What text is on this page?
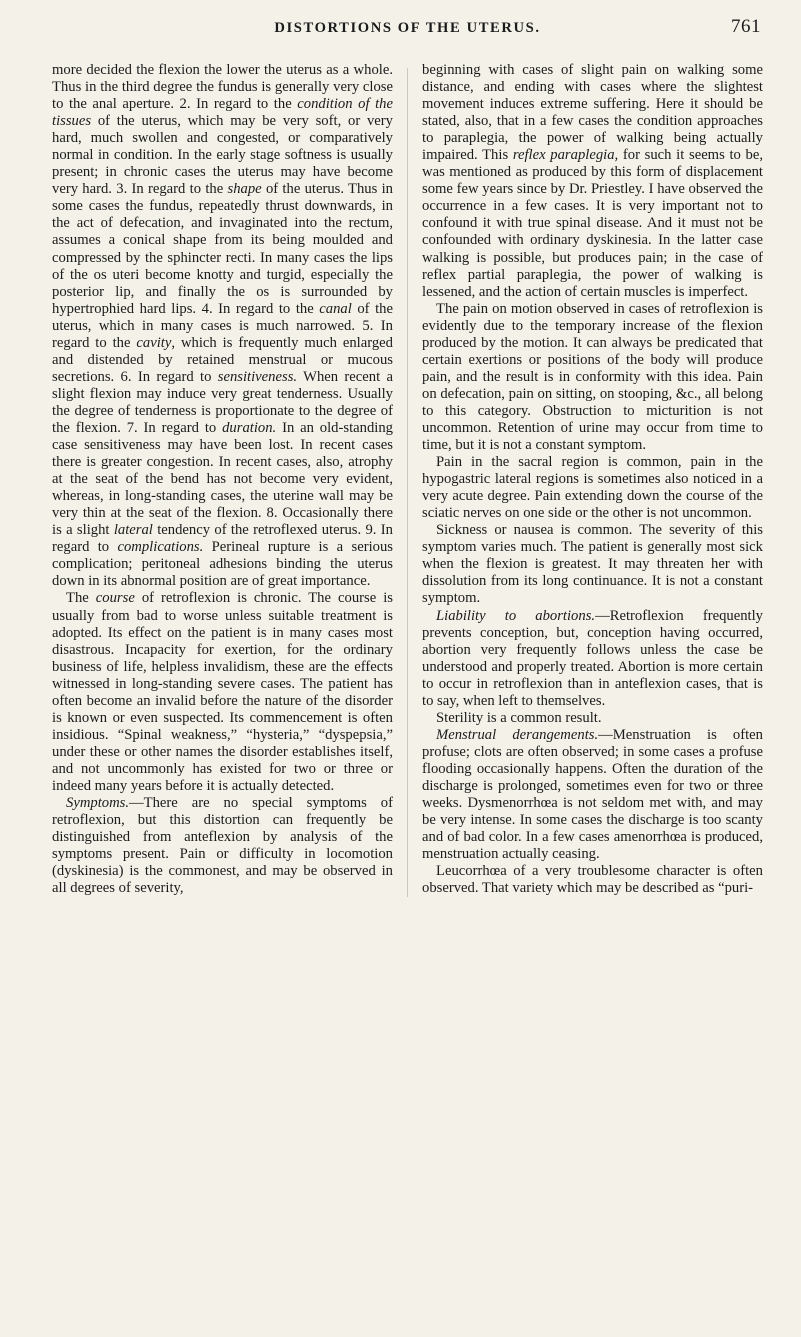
DISTORTIONS OF THE UTERUS.	761

more decided the flexion the lower the uterus as a whole. Thus in the third degree the fundus is generally very close to the anal aperture. 2. In regard to the condition of the tissues of the uterus, which may be very soft, or very hard, much swollen and congested, or comparatively normal in condition. In the early stage softness is usually present; in chronic cases the uterus may have become very hard. 3. In regard to the shape of the uterus. Thus in some cases the fundus, repeatedly thrust downwards, in the act of defecation, and invaginated into the rectum, assumes a conical shape from its being moulded and compressed by the sphincter recti. In many cases the lips of the os uteri become knotty and turgid, especially the posterior lip, and finally the os is surrounded by hypertrophied hard lips. 4. In regard to the canal of the uterus, which in many cases is much narrowed. 5. In regard to the cavity, which is frequently much enlarged and distended by retained menstrual or mucous secretions. 6. In regard to sensitiveness. When recent a slight flexion may induce very great tenderness. Usually the degree of tenderness is proportionate to the degree of the flexion. 7. In regard to duration. In an old-standing case sensitiveness may have been lost. In recent cases there is greater congestion. In recent cases, also, atrophy at the seat of the bend has not become very evident, whereas, in long-standing cases, the uterine wall may be very thin at the seat of the flexion. 8. Occasionally there is a slight lateral tendency of the retroflexed uterus. 9. In regard to complications. Perineal rupture is a serious complication; peritoneal adhesions binding the uterus down in its abnormal position are of great importance.

The course of retroflexion is chronic. The course is usually from bad to worse unless suitable treatment is adopted. Its effect on the patient is in many cases most disastrous. Incapacity for exertion, for the ordinary business of life, helpless invalidism, these are the effects witnessed in long-standing severe cases. The patient has often become an invalid before the nature of the disorder is known or even suspected. Its commencement is often insidious. “Spinal weakness,” “hysteria,” “dyspepsia,” under these or other names the disorder establishes itself, and not uncommonly has existed for two or three or indeed many years before it is actually detected.

Symptoms.—There are no special symptoms of retroflexion, but this distortion can frequently be distinguished from anteflexion by analysis of the symptoms present. Pain or difficulty in locomotion (dyskinesia) is the commonest, and may be observed in all degrees of severity,

beginning with cases of slight pain on walking some distance, and ending with cases where the slightest movement induces extreme suffering. Here it should be stated, also, that in a few cases the condition approaches to paraplegia, the power of walking being actually impaired. This reflex paraplegia, for such it seems to be, was mentioned as produced by this form of displacement some few years since by Dr. Priestley. I have observed the occurrence in a few cases. It is very important not to confound it with true spinal disease. And it must not be confounded with ordinary dyskinesia. In the latter case walking is possible, but produces pain; in the case of reflex partial paraplegia, the power of walking is lessened, and the action of certain muscles is imperfect.

The pain on motion observed in cases of retroflexion is evidently due to the temporary increase of the flexion produced by the motion. It can always be predicated that certain exertions or positions of the body will produce pain, and the result is in conformity with this idea. Pain on defecation, pain on sitting, on stooping, &c., all belong to this category. Obstruction to micturition is not uncommon. Retention of urine may occur from time to time, but it is not a constant symptom.

Pain in the sacral region is common, pain in the hypogastric lateral regions is sometimes also noticed in a very acute degree. Pain extending down the course of the sciatic nerves on one side or the other is not uncommon.

Sickness or nausea is common. The severity of this symptom varies much. The patient is generally most sick when the flexion is greatest. It may threaten her with dissolution from its long continuance. It is not a constant symptom.

Liability to abortions.—Retroflexion frequently prevents conception, but, conception having occurred, abortion very frequently follows unless the case be understood and properly treated. Abortion is more certain to occur in retroflexion than in anteflexion cases, that is to say, when left to themselves.

Sterility is a common result.

Menstrual derangements.—Menstruation is often profuse; clots are often observed; in some cases a profuse flooding occasionally happens. Often the duration of the discharge is prolonged, sometimes even for two or three weeks. Dysmenorrhœa is not seldom met with, and may be very intense. In some cases the discharge is too scanty and of bad color. In a few cases amenorrhœa is produced, menstruation actually ceasing.

Leucorrhœa of a very troublesome character is often observed. That variety which may be described as “puri-
